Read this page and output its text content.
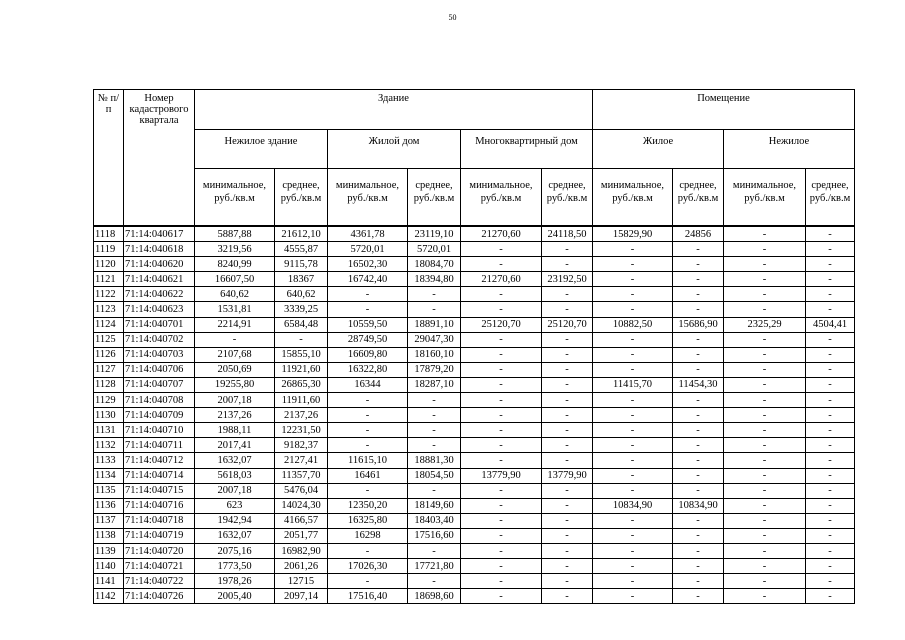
50
№ п/п	Номер кадастрового квартала	Здание						Помещение			
		Нежилое здание		Жилой дом		Многоквартирный дом		Жилое		Нежилое	
		минимальное, руб./кв.м	среднее, руб./кв.м	минимальное, руб./кв.м	среднее, руб./кв.м	минимальное, руб./кв.м	среднее, руб./кв.м	минимальное, руб./кв.м	среднее, руб./кв.м	минимальное, руб./кв.м	среднее, руб./кв.м
1118	71:14:040617	5887,88	21612,10	4361,78	23119,10	21270,60	24118,50	15829,90	24856	-	-
1119	71:14:040618	3219,56	4555,87	5720,01	5720,01	-	-	-	-	-	-
1120	71:14:040620	8240,99	9115,78	16502,30	18084,70	-	-	-	-	-	-
1121	71:14:040621	16607,50	18367	16742,40	18394,80	21270,60	23192,50	-	-	-	-
1122	71:14:040622	640,62	640,62	-	-	-	-	-	-	-	-
1123	71:14:040623	1531,81	3339,25	-	-	-	-	-	-	-	-
1124	71:14:040701	2214,91	6584,48	10559,50	18891,10	25120,70	25120,70	10882,50	15686,90	2325,29	4504,41
1125	71:14:040702	-	-	28749,50	29047,30	-	-	-	-	-	-
1126	71:14:040703	2107,68	15855,10	16609,80	18160,10	-	-	-	-	-	-
1127	71:14:040706	2050,69	11921,60	16322,80	17879,20	-	-	-	-	-	-
1128	71:14:040707	19255,80	26865,30	16344	18287,10	-	-	11415,70	11454,30	-	-
1129	71:14:040708	2007,18	11911,60	-	-	-	-	-	-	-	-
1130	71:14:040709	2137,26	2137,26	-	-	-	-	-	-	-	-
1131	71:14:040710	1988,11	12231,50	-	-	-	-	-	-	-	-
1132	71:14:040711	2017,41	9182,37	-	-	-	-	-	-	-	-
1133	71:14:040712	1632,07	2127,41	11615,10	18881,30	-	-	-	-	-	-
1134	71:14:040714	5618,03	11357,70	16461	18054,50	13779,90	13779,90	-	-	-	-
1135	71:14:040715	2007,18	5476,04	-	-	-	-	-	-	-	-
1136	71:14:040716	623	14024,30	12350,20	18149,60	-	-	10834,90	10834,90	-	-
1137	71:14:040718	1942,94	4166,57	16325,80	18403,40	-	-	-	-	-	-
1138	71:14:040719	1632,07	2051,77	16298	17516,60	-	-	-	-	-	-
1139	71:14:040720	2075,16	16982,90	-	-	-	-	-	-	-	-
1140	71:14:040721	1773,50	2061,26	17026,30	17721,80	-	-	-	-	-	-
1141	71:14:040722	1978,26	12715	-	-	-	-	-	-	-	-
1142	71:14:040726	2005,40	2097,14	17516,40	18698,60	-	-	-	-	-	-
